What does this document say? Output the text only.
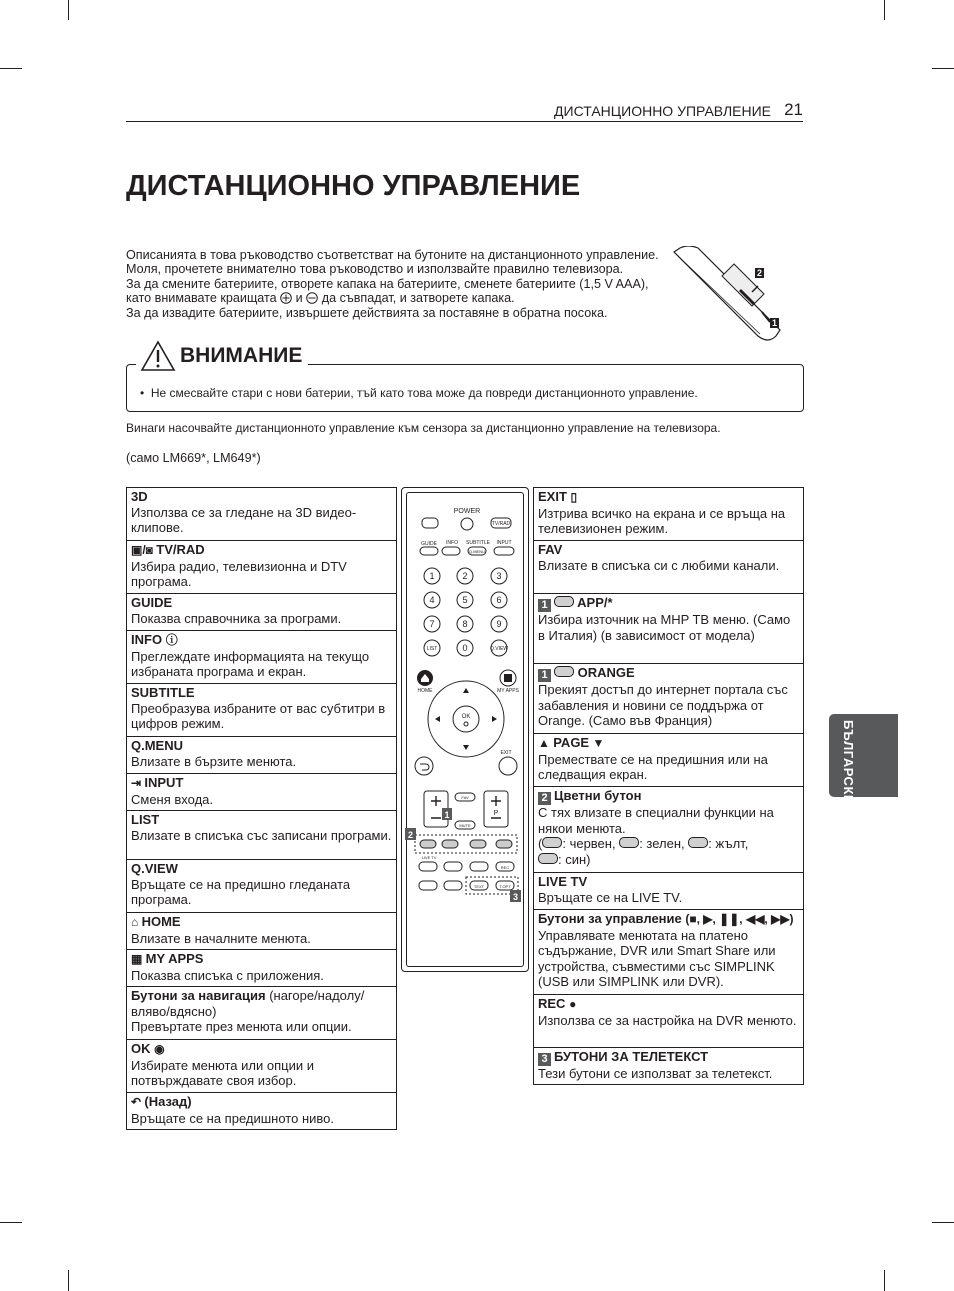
ДИСТАНЦИОННО УПРАВЛЕНИЕ 21
ДИСТАНЦИОННО УПРАВЛЕНИЕ

Описанията в това ръководство съответстват на бутоните на дистанционното управление.
Моля, прочетете внимателно това ръководство и използвайте правилно телевизора.
За да смените батериите, отворете капака на батериите, сменете батериите (1,5 V AAA), като внимавате краищата и да съвпадат, и затворете капака.
За да извадите батериите, извършете действията за поставяне в обратна посока.

2
1
ВНИМАНИЕ
•  Не смесвайте стари с нови батерии, тъй като това може да повреди дистанционното управление.
Винаги насочвайте дистанционното управление към сензора за дистанционно управление на телевизора.
(само LM669*, LM649*)
3D
Използва се за гледане на 3D видео-клипове.
▣/◙ TV/RAD
Избира радио, телевизионна и DTV програма.
GUIDE
Показва справочника за програми.
INFO ⓘ
Преглеждате информацията на текущо избраната програма и екран.
SUBTITLE
Преобразува избраните от вас субтитри в цифров режим.
Q.MENU
Влизате в бързите менюта.
⇥ INPUT
Сменя входа.
LIST
Влизате в списъка със записани програми.
Q.VIEW
Връщате се на предишно гледаната програма.
⌂ HOME
Влизате в началните менюта.
▦ MY APPS
Показва списъка с приложения.
Бутони за навигация (нагоре/надолу/вляво/вдясно)
Превъртате през менюта или опции.
OK ◉
Избирате менюта или опции и потвърждавате своя избор.
↶ (Назад)
Връщате се на предишното ниво.
POWER
TV/RAD
GUIDE INFO SUBTITLE INPUT
Q.MENU
1	2	3
4	5	6
7	8	9
0
LIST	Q.VIEW
HOME	MY APPS
OK
EXIT
P
FAV
MUTE
LIVE TV
REC
TEXT	T.OPT
1
2
3
EXIT ▯
Изтрива всичко на екрана и се връща на телевизионен режим.
FAV
Влизате в списъка си с любими канали.
1 APP/*
Избира източник на MHP TB меню. (Само в Италия) (в зависимост от модела)
1 ORANGE
Прекият достъп до интернет портала със забавления и новини се поддържа от Orange. (Само във Франция)
▲ PAGE ▼
Премествате се на предишния или на следващия екран.
2 Цветни бутон
С тях влизате в специални функции на някои менюта.
( : червен, : зелен, : жълт,
: син)
LIVE TV
Връщате се на LIVE TV.
Бутони за управление (■, ▶, ❚❚, ◀◀, ▶▶)
Управлявате менютата на платено съдържание, DVR или Smart Share или устройства, съвместими със SIMPLINK (USB или SIMPLINK или DVR).
REC ●
Използва се за настройка на DVR менюто.
3 БУТОНИ ЗА ТЕЛЕТЕКСТ
Тези бутони се използват за телетекст.
БЪЛГАРСКИ
